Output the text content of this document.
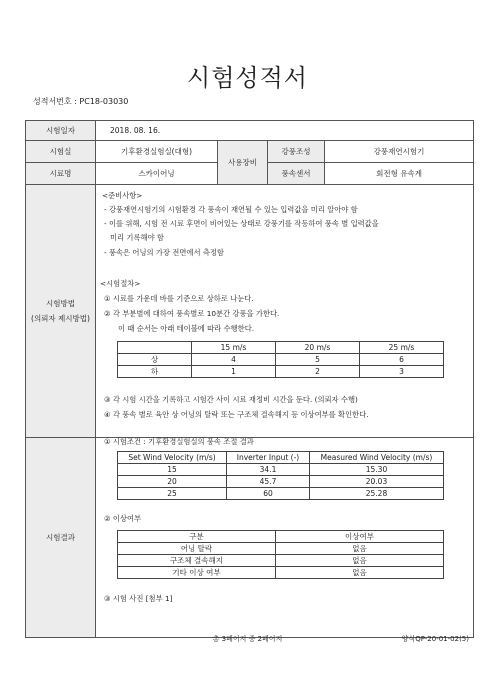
시험성적서
성적서번호 : PC18-03030
시험일자	2018. 08. 16.			
시험실	기후환경실험실(대형)	사용장비	강풍조성	강풍재연시험기
시료명	스카이어닝		풍속센서	회전형 유속계

시험방법
(의뢰자 제시방법)				

시험결과				
<준비사항>
- 강풍재연시험기의 시험환경 각 풍속이 재연될 수 있는 입력값을 미리 알아야 함
- 이를 위해, 시험 전 시료 후면이 비어있는 상태로 강풍기를 작동하여 풍속 별 입력값을
미리 기록해야 함
- 풍속은 어닝의 가장 전면에서 측정함
<시험절차>
① 시료를 가운데 바를 기준으로 상하로 나눈다.
② 각 부분별에 대하여 풍속별로 10분간 강풍을 가한다.
이 때 순서는 아래 테이블에 따라 수행한다.
	15 m/s	20 m/s	25 m/s
상	4	5	6
하	1	2	3
③ 각 시험 시간을 기록하고 시험간 사이 시료 재정비 시간을 둔다. (의뢰자 수행)
④ 각 풍속 별로 육안 상 어닝의 탈락 또는 구조체 결속해지 등 이상여부를 확인한다.
① 시험조건 : 기후환경실험실의 풍속 조절 결과
Set Wind Velocity (m/s)	Inverter Input (-)	Measured Wind Velocity (m/s)
15	34.1	15.30
20	45.7	20.03
25	60	25.28
② 이상여부
구분	이상여부
어닝 탈락	없음
구조체 결속해지	없음
기타 이상 여부	없음
③ 시험 사진 [첨부 1]
총 3페이지 중 2페이지	양식QP-20-01-02(5)
